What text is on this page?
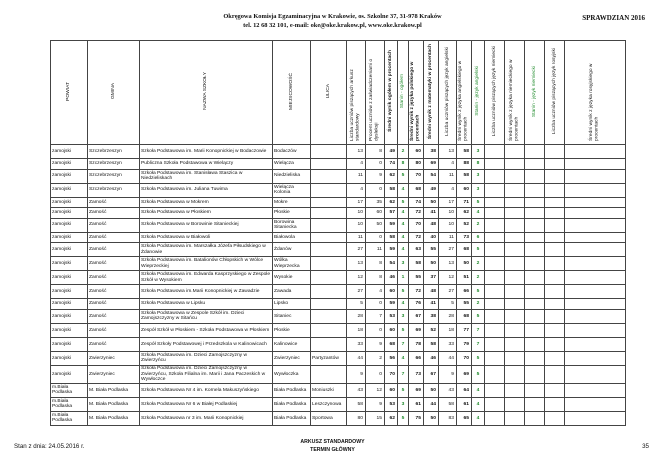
Okręgowa Komisja Egzaminacyjna w Krakowie, os. Szkolne 37, 31-978 Kraków
tel. 12 68 32 101, e-mail: oke@oke.krakow.pl, www.oke.krakow.pl
SPRAWDZIAN 2016
POWIAT	GMINA	NAZWA SZKOŁY	MIEJSCOWOŚĆ	ULICA	Liczba uczniów piszących arkusz standardowy	Procent uczniów z zaświadczeniami o dysleksji	Średni wynik ogółem w procentach	Stanin - ogółem	Średni wynik z języka polskiego w procentach	Średni wynik z matematyki w procentach	Liczba uczniów piszących język angielski	Średni wynik z języka angielskiego w procentach	Stanin - język angielski	Liczba uczniów piszących język niemiecki	Średni wynik z języka niemieckiego w procentach	Stanin - język niemiecki	Liczba uczniów piszących język rosyjski	Średni wynik z języka rosyjskiego w procentach
zamojski	Szczebrzeszyn	Szkoła Podstawowa im. Marii Konopnickiej w Bodaczowie	Bodaczów		13	8	49	2	60	38	13	58	3					
zamojski	Szczebrzeszyn	Publiczna Szkoła Podstawowa w Wielączy	Wielącza		4	0	74	8	80	69	4	88	8					
zamojski	Szczebrzeszyn	Szkoła Podstawowa im. Stanisława Staszica w Niedzieliskach	Niedzieliska		11	9	62	5	70	54	11	58	3					
zamojski	Szczebrzeszyn	Szkoła Podstawowa im. Juliana Tuwima	Wielącza Kolonia		4	0	58	4	68	49	4	60	3					
zamojski	Zamość	Szkoła Podstawowa w Mokrem	Mokre		17	35	62	5	74	50	17	71	5					
zamojski	Zamość	Szkoła Podstawowa w Płoskiem	Płoskie		10	60	57	4	72	41	10	62	4					
zamojski	Zamość	Szkoła Podstawowa w Borowinie Sitanieckiej	Borowina Sitaniecka		10	50	59	4	70	48	10	52	2					
zamojski	Zamość	Szkoła Podstawowa w Białowoli	Białowola		11	0	58	4	72	40	11	73	6					
zamojski	Zamość	Szkoła Podstawowa im. Marszałka Józefa Piłsudskiego w Żdanowie	Żdanów		27	11	59	4	63	55	27	68	5					
zamojski	Zamość	Szkoła Podstawowa im. Batalionów Chłopskich w Wólce Wieprzeckiej	Wólka Wieprzecka		13	8	54	3	58	50	13	50	2					
zamojski	Zamość	Szkoła Podstawowa im. Edwarda Kasprzyskiego w Zespole Szkół w Wysokiem	Wysokie		12	8	46	1	55	37	12	51	2					
zamojski	Zamość	Szkoła Podstawowa im.Marii Konopnickiej w Zawadzie	Zawada		27	4	60	5	72	48	27	66	5					
zamojski	Zamość	Szkoła Podstawowa w Lipsku	Lipsko		5	0	59	4	76	41	5	55	2					
zamojski	Zamość	Szkoła Podstawowa w Zespole Szkół im. Dzieci Zamojszczyzny w Sitańcu	Sitaniec		28	7	53	3	67	38	28	68	5					
zamojski	Zamość	Zespół Szkół w Płoskiem - Szkoła Podstawowa w Płoskiem	Płoskie		18	0	60	5	69	52	18	77	7					
zamojski	Zamość	Zespół Szkoły Podstawowej i Przedszkola w Kalinowicach	Kalinowice		33	9	68	7	78	58	33	79	7					
zamojski	Zwierzyniec	Szkoła Podstawowa im. Dzieci Zamojszczyzny w Zwierzyńcu	Zwierzyniec	Partyzantów	44	2	56	4	66	46	44	70	5					
zamojski	Zwierzyniec	Szkoła Podstawowa im. Dzieci Zamojszczyzny w Zwierzyńcu, Szkoła Filialna im. Marii i Jana Paczeskich w Wywłoczce	Wywłoczka		9	0	70	7	73	67	9	69	5					
m.Biała Podlaska	M. Biała Podlaska	Szkoła Podstawowa Nr 4 im. Kornela Makuszyńskiego	Biała Podlaska	Moniuszki	43	12	60	5	69	50	43	64	4					
m.Biała Podlaska	M. Biała Podlaska	Szkoła Podstawowa Nr 6 w Białej Podlaskiej	Biała Podlaska	Leszczynowa	58	9	53	3	61	44	58	61	4					
m.Biała Podlaska	M. Biała Podlaska	Szkoła Podstawowa nr 3 im. Marii Konopnickiej	Biała Podlaska	Sportowa	80	15	62	5	75	50	83	65	4					
Stan z dnia: 24.05.2016 r.
ARKUSZ STANDARDOWY
TERMIN GŁÓWNY	35
